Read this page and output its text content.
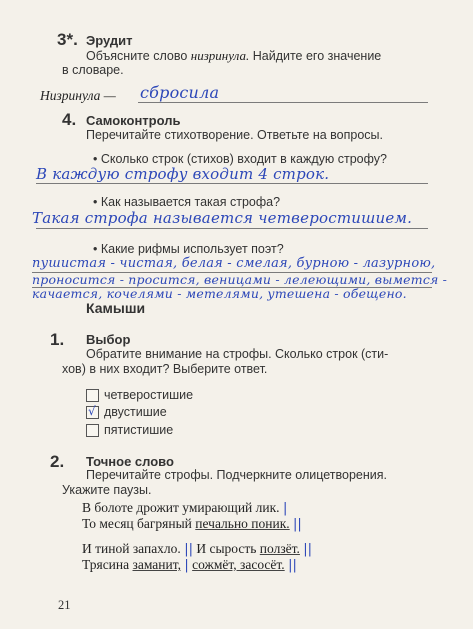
3*. Эрудит
Объясните слово низринула. Найдите его значение
в словаре.
Низринула — сбросила
4. Самоконтроль
Перечитайте стихотворение. Ответьте на вопросы.
• Сколько строк (стихов) входит в каждую строфу?
В каждую строфу входит 4 строк.
• Как называется такая строфа?
Такая строфа называется четверостишием.
• Какие рифмы использует поэт?
пушистая - чистая, белая - смелая, бурною - лазурною,
проносится - просится, веницами - лелеющими, вымется -
качается, кочелями - метелями, утешена - обещено.
Камыши
1. Выбор
Обратите внимание на строфы. Сколько строк (сти-
хов) в них входит? Выберите ответ.
четверостишие
√ двустишие
пятистишие
2. Точное слово
Перечитайте строфы. Подчеркните олицетворения.
Укажите паузы.
В болоте дрожит умирающий лик. |
То месяц багряный печально поник. ||
И тиной запахло. || И сырость ползёт. ||
Трясина заманит, | сожмёт, засосёт. ||
21
